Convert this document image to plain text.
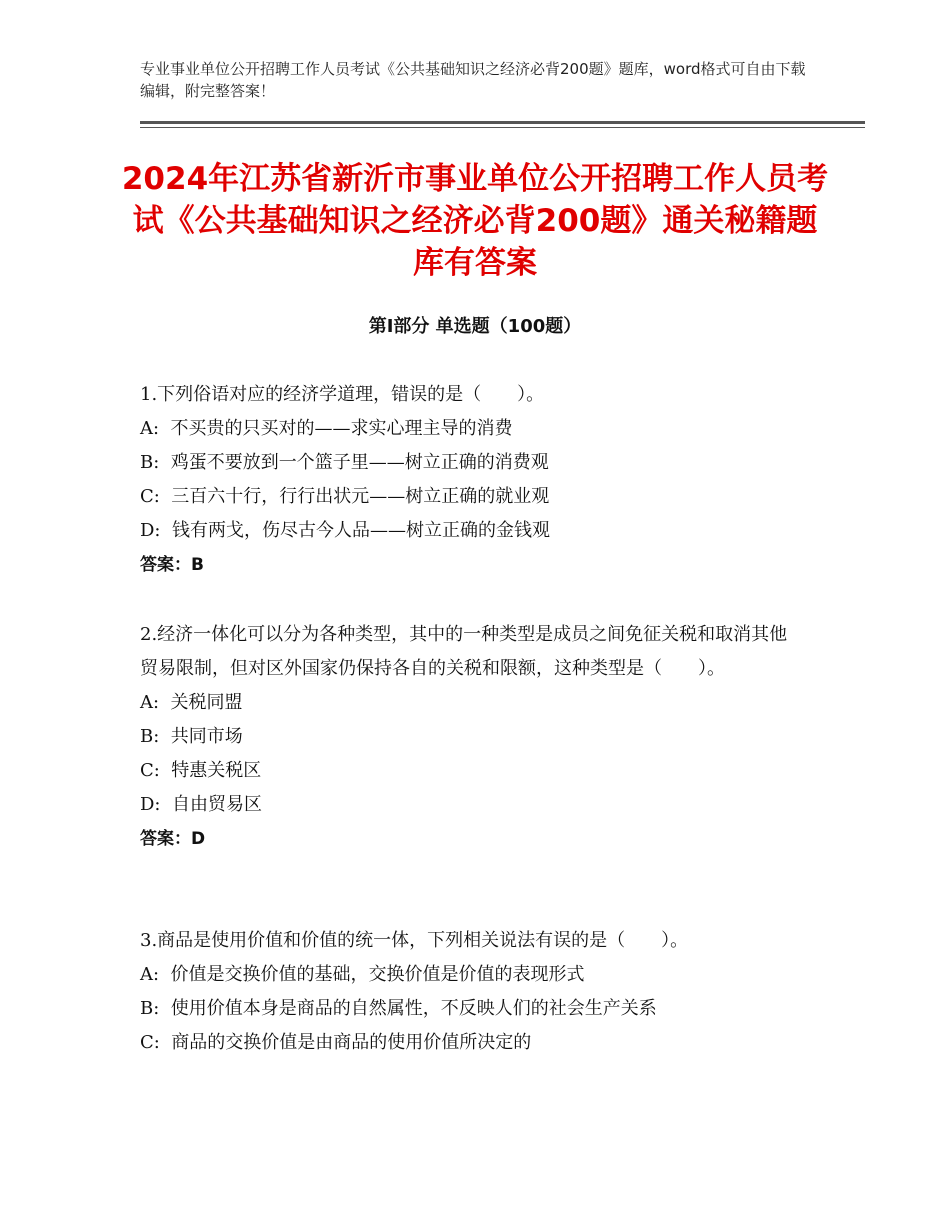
专业事业单位公开招聘工作人员考试《公共基础知识之经济必背200题》题库，word格式可自由下载编辑，附完整答案！
2024年江苏省新沂市事业单位公开招聘工作人员考试《公共基础知识之经济必背200题》通关秘籍题库有答案
第Ⅰ部分 单选题（100题）

1.下列俗语对应的经济学道理，错误的是（　　）。

A:  不买贵的只买对的——求实心理主导的消费

B:  鸡蛋不要放到一个篮子里——树立正确的消费观

C:  三百六十行，行行出状元——树立正确的就业观

D:  钱有两戈，伤尽古今人品——树立正确的金钱观

答案：B

2.经济一体化可以分为各种类型，其中的一种类型是成员之间免征关税和取消其他贸易限制，但对区外国家仍保持各自的关税和限额，这种类型是（　　）。

A:  关税同盟

B:  共同市场

C:  特惠关税区

D:  自由贸易区

答案：D

3.商品是使用价值和价值的统一体，下列相关说法有误的是（　　）。

A:  价值是交换价值的基础，交换价值是价值的表现形式

B:  使用价值本身是商品的自然属性，不反映人们的社会生产关系

C:  商品的交换价值是由商品的使用价值所决定的
